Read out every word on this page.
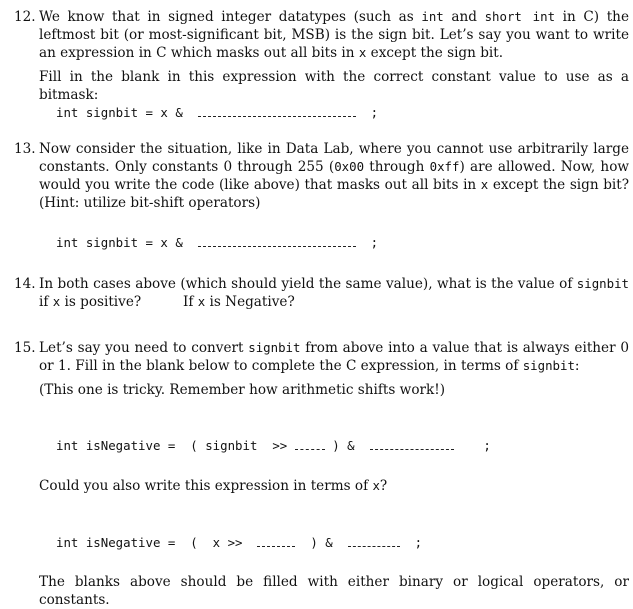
12. We know that in signed integer datatypes (such as int and short int in C) the leftmost bit (or most-significant bit, MSB) is the sign bit. Let’s say you want to write an expression in C which masks out all bits in x except the sign bit.
Fill in the blank in this expression with the correct constant value to use as a bitmask:
int signbit = x &	;
13. Now consider the situation, like in Data Lab, where you cannot use arbitrarily large constants. Only constants 0 through 255 (0x00 through 0xff) are allowed. Now, how would you write the code (like above) that masks out all bits in x except the sign bit? (Hint: utilize bit-shift operators)
int signbit = x &	;
14. In both cases above (which should yield the same value), what is the value of signbit if x is positive?	If x is Negative?
15. Let’s say you need to convert signbit from above into a value that is always either 0 or 1. Fill in the blank below to complete the C expression, in terms of signbit:
(This one is tricky. Remember how arithmetic shifts work!)
int isNegative = ( signbit >>	) &	;
Could you also write this expression in terms of x?
int isNegative = ( x >>	) &	;
The blanks above should be filled with either binary or logical operators, or constants.
